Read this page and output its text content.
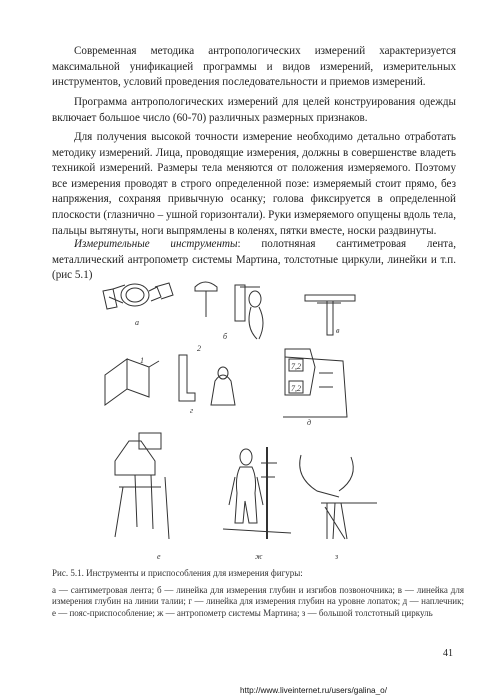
Современная методика антропологических измерений характеризуется максимальной унификацией программы и видов измерений, измерительных инструментов, условий проведения последовательности и приемов измерений.

Программа антропологических измерений для целей конструирования одежды включает большое число (60-70) различных размерных признаков.

Для получения высокой точности измерение необходимо детально отработать методику измерений. Лица, проводящие измерения, должны в совершенстве владеть техникой измерений. Размеры тела меняются от положения измеряемого. Поэтому все измерения проводят в строго определенной позе: измеряемый стоит прямо, без напряжения, сохраняя привычную осанку; голова фиксируется в определенной плоскости (глазнично – ушной горизонтали). Руки измеряемого опущены вдоль тела, пальцы вытянуты, ноги выпрямлены в коленях, пятки вместе, носки раздвинуты.

Измерительные инструменты: полотняная сантиметровая лента, металлический антропометр системы Мартина, толстотные циркули, линейки и т.п. (рис 5.1)

а
б
в
г
д
е	ж	з
1
2
7,2
7,2

Рис. 5.1. Инструменты и приспособления для измерения фигуры:

а — сантиметровая лента; б — линейка для измерения глубин и изгибов позвоночника; в — линейка для измерения глубин на линии талии; г — линейка для измерения глубин на уровне лопаток; д — наплечник; е — пояс-приспособление; ж — антропометр системы Мартина; з — большой толстотный циркуль

41
http://www.liveinternet.ru/users/galina_o/
